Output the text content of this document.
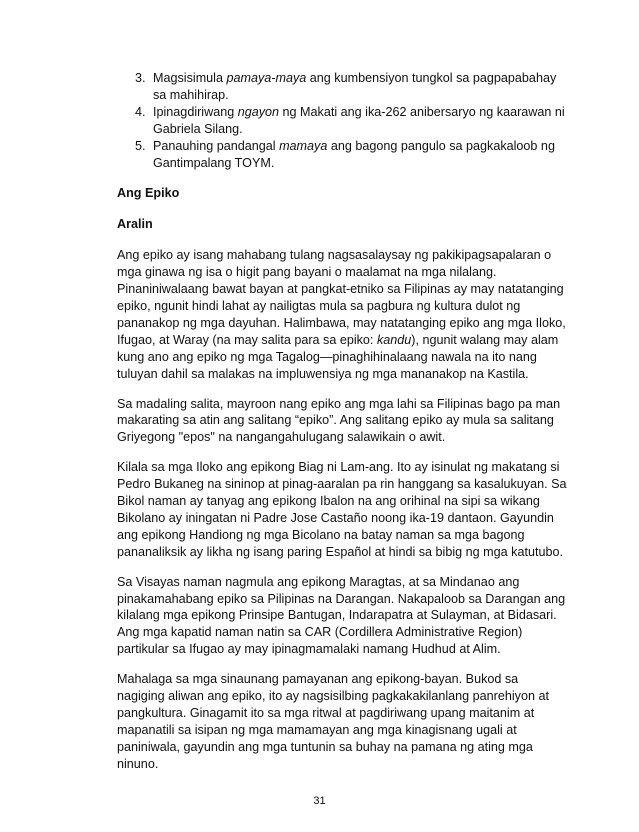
3. Magsisimula pamaya-maya ang kumbensiyon tungkol sa pagpapabahay sa mahihirap.
4. Ipinagdiriwang ngayon ng Makati ang ika-262 anibersaryo ng kaarawan ni Gabriela Silang.
5. Panauhing pandangal mamaya ang bagong pangulo sa pagkakaloob ng Gantimpalang TOYM.
Ang Epiko
Aralin

Ang epiko ay isang mahabang tulang nagsasalaysay ng pakikipagsapalaran o mga ginawa ng isa o higit pang bayani o maalamat na mga nilalang. Pinaniniwalaang bawat bayan at pangkat-etniko sa Filipinas ay may natatanging epiko, ngunit hindi lahat ay nailigtas mula sa pagbura ng kultura dulot ng pananakop ng mga dayuhan. Halimbawa, may natatanging epiko ang mga Iloko, Ifugao, at Waray (na may salita para sa epiko: kandu), ngunit walang may alam kung ano ang epiko ng mga Tagalog—pinaghihinalaang nawala na ito nang tuluyan dahil sa malakas na impluwensiya ng mga mananakop na Kastila.

Sa madaling salita, mayroon nang epiko ang mga lahi sa Filipinas bago pa man makarating sa atin ang salitang “epiko”. Ang salitang epiko ay mula sa salitang Griyegong "epos" na nangangahulugang salawikain o awit.

Kilala sa mga Iloko ang epikong Biag ni Lam-ang. Ito ay isinulat ng makatang si Pedro Bukaneg na sininop at pinag-aaralan pa rin hanggang sa kasalukuyan. Sa Bikol naman ay tanyag ang epikong Ibalon na ang orihinal na sipi sa wikang Bikolano ay iningatan ni Padre Jose Castaño noong ika-19 dantaon. Gayundin ang epikong Handiong ng mga Bicolano na batay naman sa mga bagong pananaliksik ay likha ng isang paring Español at hindi sa bibig ng mga katutubo.

Sa Visayas naman nagmula ang epikong Maragtas, at sa Mindanao ang pinakamahabang epiko sa Pilipinas na Darangan. Nakapaloob sa Darangan ang kilalang mga epikong Prinsipe Bantugan, Indarapatra at Sulayman, at Bidasari. Ang mga kapatid naman natin sa CAR (Cordillera Administrative Region) partikular sa Ifugao ay may ipinagmamalaki namang Hudhud at Alim.

Mahalaga sa mga sinaunang pamayanan ang epikong-bayan. Bukod sa nagiging aliwan ang epiko, ito ay nagsisilbing pagkakakilanlang panrehiyon at pangkultura. Ginagamit ito sa mga ritwal at pagdiriwang upang maitanim at mapanatili sa isipan ng mga mamamayan ang mga kinagisnang ugali at paniniwala, gayundin ang mga tuntunin sa buhay na pamana ng ating mga ninuno.

31
